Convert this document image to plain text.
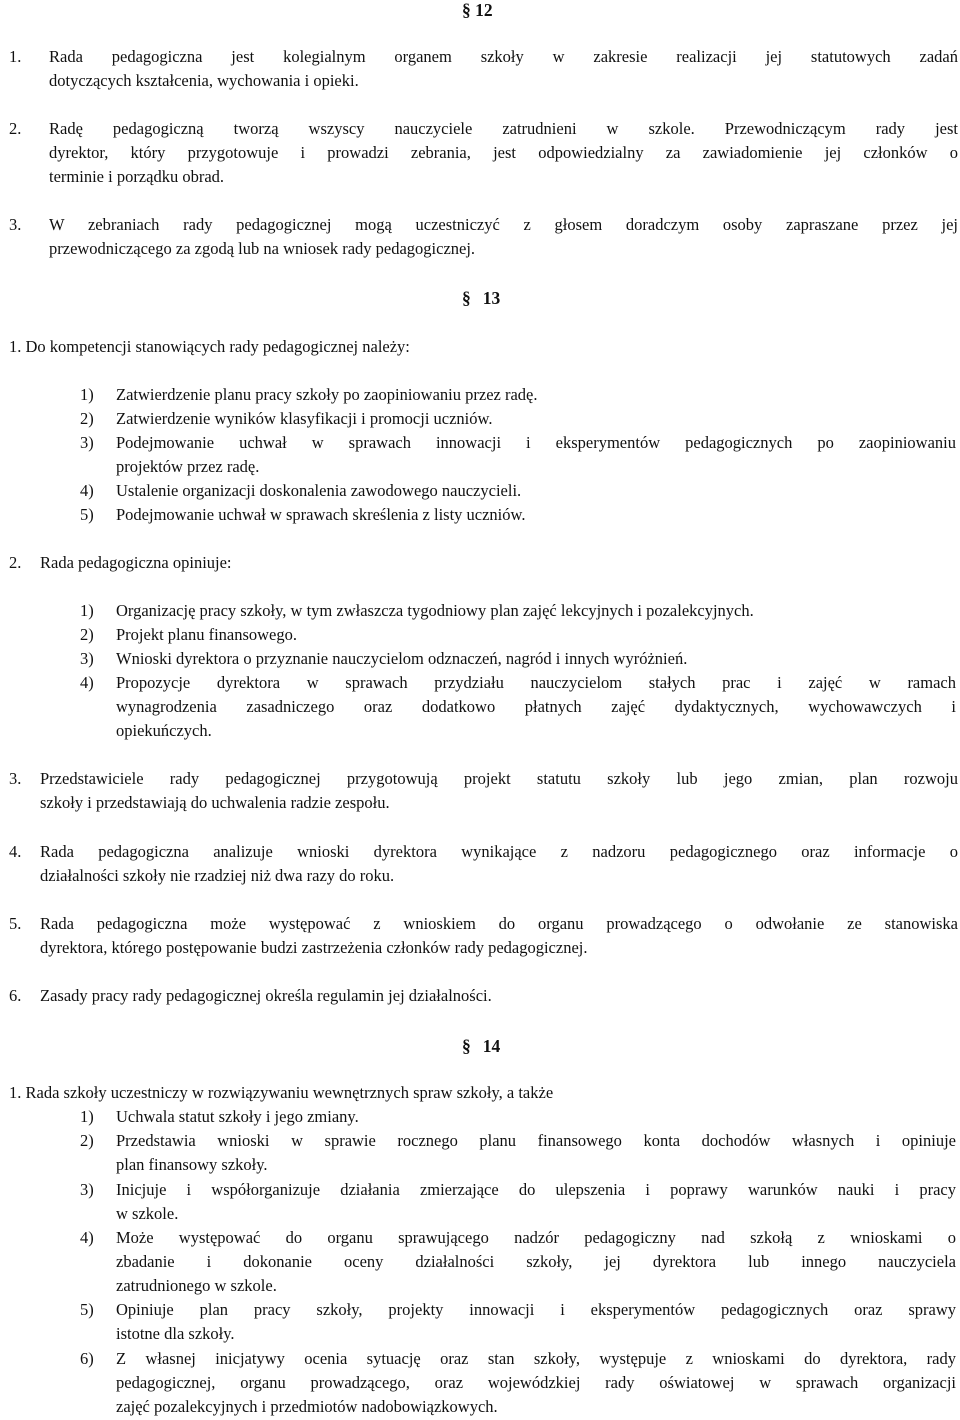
§ 12
1. Rada pedagogiczna jest kolegialnym organem szkoły w zakresie realizacji jej statutowych zadań
dotyczących kształcenia, wychowania i opieki.
2. Radę pedagogiczną tworzą wszyscy nauczyciele zatrudnieni w szkole. Przewodniczącym rady jest
dyrektor, który przygotowuje i prowadzi zebrania, jest odpowiedzialny za zawiadomienie jej członków o
terminie i porządku obrad.
3. W zebraniach rady pedagogicznej mogą uczestniczyć z głosem doradczym osoby zapraszane przez jej
przewodniczącego za zgodą lub na wniosek rady pedagogicznej.
§ 13
1. Do kompetencji stanowiących rady pedagogicznej należy:
1) Zatwierdzenie planu pracy szkoły po zaopiniowaniu przez radę.
2) Zatwierdzenie wyników klasyfikacji i promocji uczniów.
3) Podejmowanie uchwał w sprawach innowacji i eksperymentów pedagogicznych po zaopiniowaniu
projektów przez radę.
4) Ustalenie organizacji doskonalenia zawodowego nauczycieli.
5) Podejmowanie uchwał w sprawach skreślenia z listy uczniów.
2. Rada pedagogiczna opiniuje:
1) Organizację pracy szkoły, w tym zwłaszcza tygodniowy plan zajęć lekcyjnych i pozalekcyjnych.
2) Projekt planu finansowego.
3) Wnioski dyrektora o przyznanie nauczycielom odznaczeń, nagród i innych wyróżnień.
4) Propozycje dyrektora w sprawach przydziału nauczycielom stałych prac i zajęć w ramach
wynagrodzenia zasadniczego oraz dodatkowo płatnych zajęć dydaktycznych, wychowawczych i
opiekuńczych.
3. Przedstawiciele rady pedagogicznej przygotowują projekt statutu szkoły lub jego zmian, plan rozwoju
szkoły i przedstawiają do uchwalenia radzie zespołu.
4. Rada pedagogiczna analizuje wnioski dyrektora wynikające z nadzoru pedagogicznego oraz informacje o
działalności szkoły nie rzadziej niż dwa razy do roku.
5. Rada pedagogiczna może występować z wnioskiem do organu prowadzącego o odwołanie ze stanowiska
dyrektora, którego postępowanie budzi zastrzeżenia członków rady pedagogicznej.
6. Zasady pracy rady pedagogicznej określa regulamin jej działalności.
§ 14
1. Rada szkoły uczestniczy w rozwiązywaniu wewnętrznych spraw szkoły, a także
1) Uchwala statut szkoły i jego zmiany.
2) Przedstawia wnioski w sprawie rocznego planu finansowego konta dochodów własnych i opiniuje
plan finansowy szkoły.
3) Inicjuje i współorganizuje działania zmierzające do ulepszenia i poprawy warunków nauki i pracy
w szkole.
4) Może występować do organu sprawującego nadzór pedagogiczny nad szkołą z wnioskami o
zbadanie i dokonanie oceny działalności szkoły, jej dyrektora lub innego nauczyciela
zatrudnionego w szkole.
5) Opiniuje plan pracy szkoły, projekty innowacji i eksperymentów pedagogicznych oraz sprawy
istotne dla szkoły.
6) Z własnej inicjatywy ocenia sytuację oraz stan szkoły, występuje z wnioskami do dyrektora, rady
pedagogicznej, organu prowadzącego, oraz wojewódzkiej rady oświatowej w sprawach organizacji
zajęć pozalekcyjnych i przedmiotów nadobowiązkowych.
